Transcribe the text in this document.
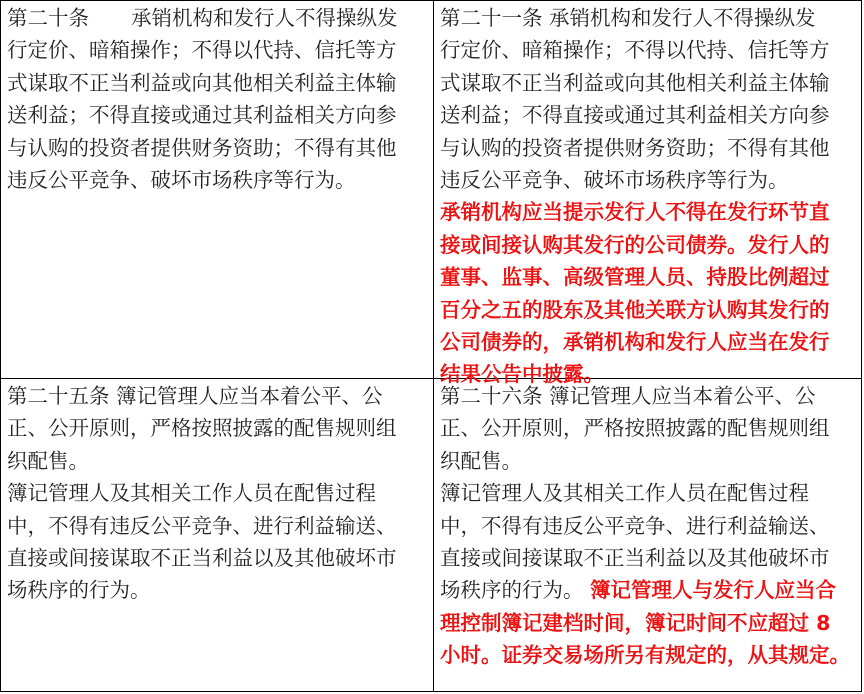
第二十条 承销机构和发行人不得操纵发
行定价、暗箱操作；不得以代持、信托等方
式谋取不正当利益或向其他相关利益主体输
送利益；不得直接或通过其利益相关方向参
与认购的投资者提供财务资助；不得有其他
违反公平竞争、破坏市场秩序等行为。
第二十一条 承销机构和发行人不得操纵发
行定价、暗箱操作；不得以代持、信托等方
式谋取不正当利益或向其他相关利益主体输
送利益；不得直接或通过其利益相关方向参
与认购的投资者提供财务资助；不得有其他
违反公平竞争、破坏市场秩序等行为。
承销机构应当提示发行人不得在发行环节直
接或间接认购其发行的公司债券。发行人的
董事、监事、高级管理人员、持股比例超过
百分之五的股东及其他关联方认购其发行的
公司债券的，承销机构和发行人应当在发行
结果公告中披露。
第二十五条 簿记管理人应当本着公平、公
正、公开原则，严格按照披露的配售规则组
织配售。
簿记管理人及其相关工作人员在配售过程
中，不得有违反公平竞争、进行利益输送、
直接或间接谋取不正当利益以及其他破坏市
场秩序的行为。
第二十六条 簿记管理人应当本着公平、公
正、公开原则，严格按照披露的配售规则组
织配售。
簿记管理人及其相关工作人员在配售过程
中，不得有违反公平竞争、进行利益输送、
直接或间接谋取不正当利益以及其他破坏市
场秩序的行为。 簿记管理人与发行人应当合
理控制簿记建档时间，簿记时间不应超过 8
小时。证券交易场所另有规定的，从其规定。
